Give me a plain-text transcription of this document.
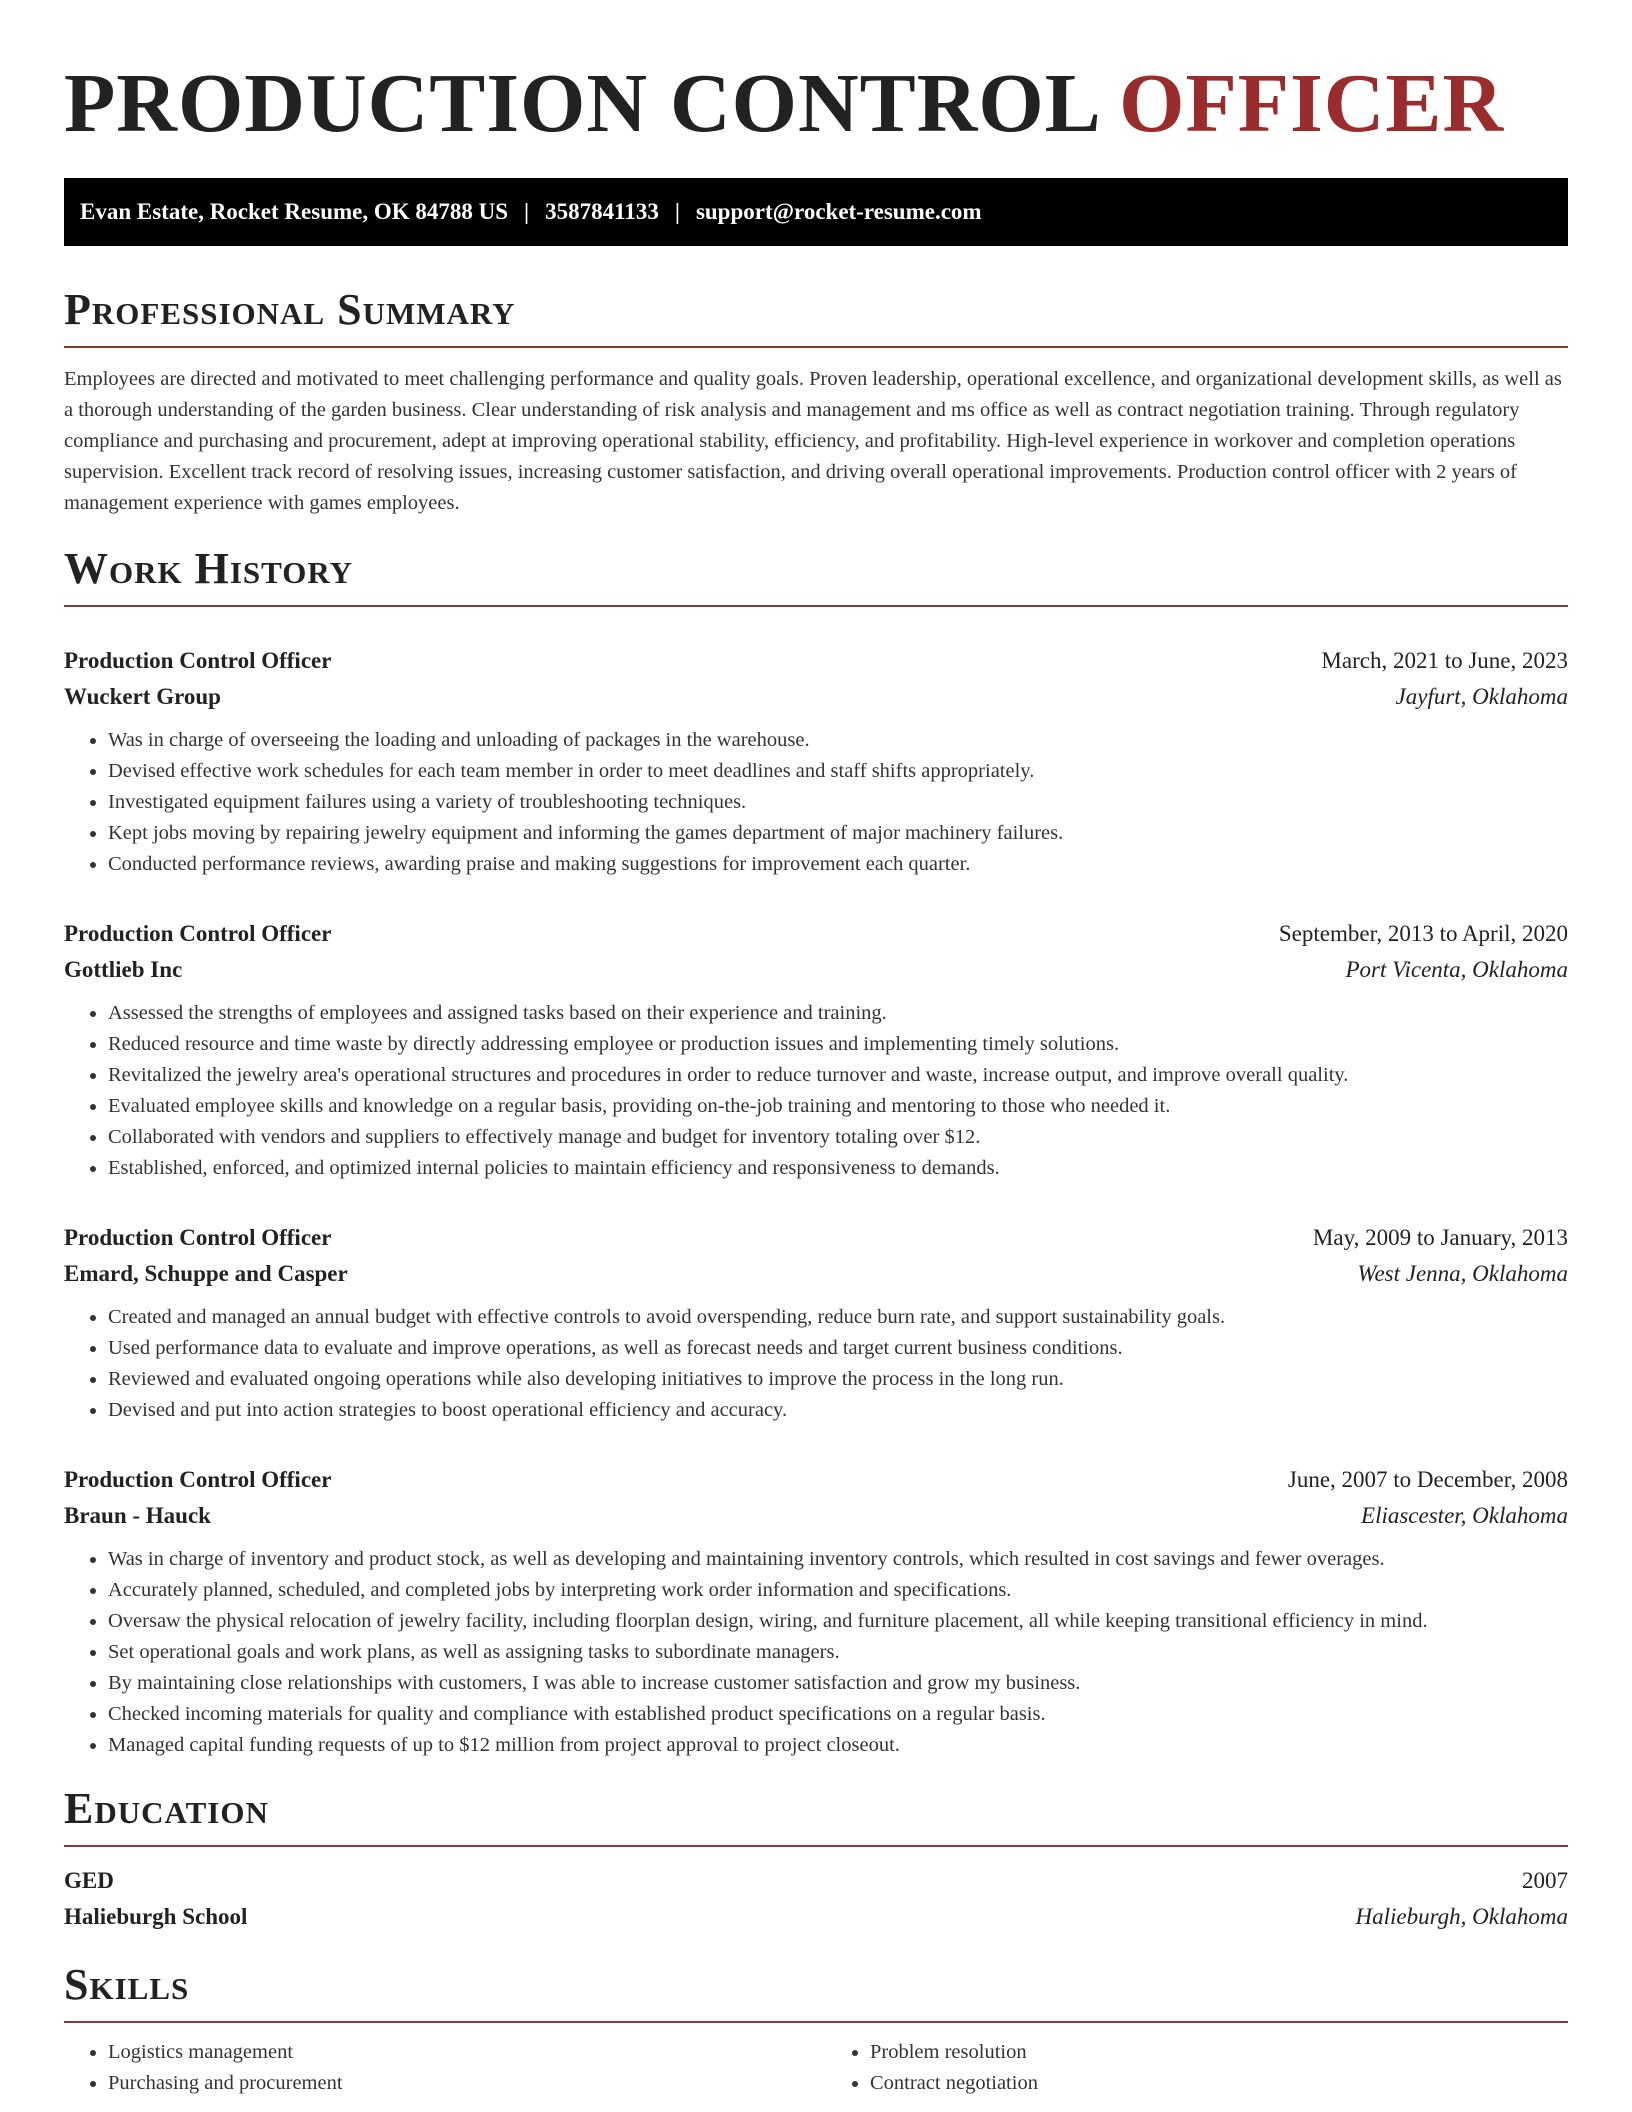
PRODUCTION CONTROL OFFICER
Evan Estate, Rocket Resume, OK 84788 US | 3587841133 | support@rocket-resume.com
Professional Summary

Employees are directed and motivated to meet challenging performance and quality goals. Proven leadership, operational excellence, and organizational development skills, as well as a thorough understanding of the garden business. Clear understanding of risk analysis and management and ms office as well as contract negotiation training. Through regulatory compliance and purchasing and procurement, adept at improving operational stability, efficiency, and profitability. High-level experience in workover and completion operations supervision. Excellent track record of resolving issues, increasing customer satisfaction, and driving overall operational improvements. Production control officer with 2 years of management experience with games employees.

Work History
Production Control Officer	March, 2021 to June, 2023
Wuckert Group	Jayfurt, Oklahoma
• Was in charge of overseeing the loading and unloading of packages in the warehouse.
• Devised effective work schedules for each team member in order to meet deadlines and staff shifts appropriately.
• Investigated equipment failures using a variety of troubleshooting techniques.
• Kept jobs moving by repairing jewelry equipment and informing the games department of major machinery failures.
• Conducted performance reviews, awarding praise and making suggestions for improvement each quarter.
Production Control Officer	September, 2013 to April, 2020
Gottlieb Inc	Port Vicenta, Oklahoma
• Assessed the strengths of employees and assigned tasks based on their experience and training.
• Reduced resource and time waste by directly addressing employee or production issues and implementing timely solutions.
• Revitalized the jewelry area's operational structures and procedures in order to reduce turnover and waste, increase output, and improve overall quality.
• Evaluated employee skills and knowledge on a regular basis, providing on-the-job training and mentoring to those who needed it.
• Collaborated with vendors and suppliers to effectively manage and budget for inventory totaling over $12.
• Established, enforced, and optimized internal policies to maintain efficiency and responsiveness to demands.
Production Control Officer	May, 2009 to January, 2013
Emard, Schuppe and Casper	West Jenna, Oklahoma
• Created and managed an annual budget with effective controls to avoid overspending, reduce burn rate, and support sustainability goals.
• Used performance data to evaluate and improve operations, as well as forecast needs and target current business conditions.
• Reviewed and evaluated ongoing operations while also developing initiatives to improve the process in the long run.
• Devised and put into action strategies to boost operational efficiency and accuracy.
Production Control Officer	June, 2007 to December, 2008
Braun - Hauck	Eliascester, Oklahoma
• Was in charge of inventory and product stock, as well as developing and maintaining inventory controls, which resulted in cost savings and fewer overages.
• Accurately planned, scheduled, and completed jobs by interpreting work order information and specifications.
• Oversaw the physical relocation of jewelry facility, including floorplan design, wiring, and furniture placement, all while keeping transitional efficiency in mind.
• Set operational goals and work plans, as well as assigning tasks to subordinate managers.
• By maintaining close relationships with customers, I was able to increase customer satisfaction and grow my business.
• Checked incoming materials for quality and compliance with established product specifications on a regular basis.
• Managed capital funding requests of up to $12 million from project approval to project closeout.
Education
GED	2007
Halieburgh School	Halieburgh, Oklahoma
Skills
• Logistics management
• Purchasing and procurement
• Problem resolution
• Contract negotiation
